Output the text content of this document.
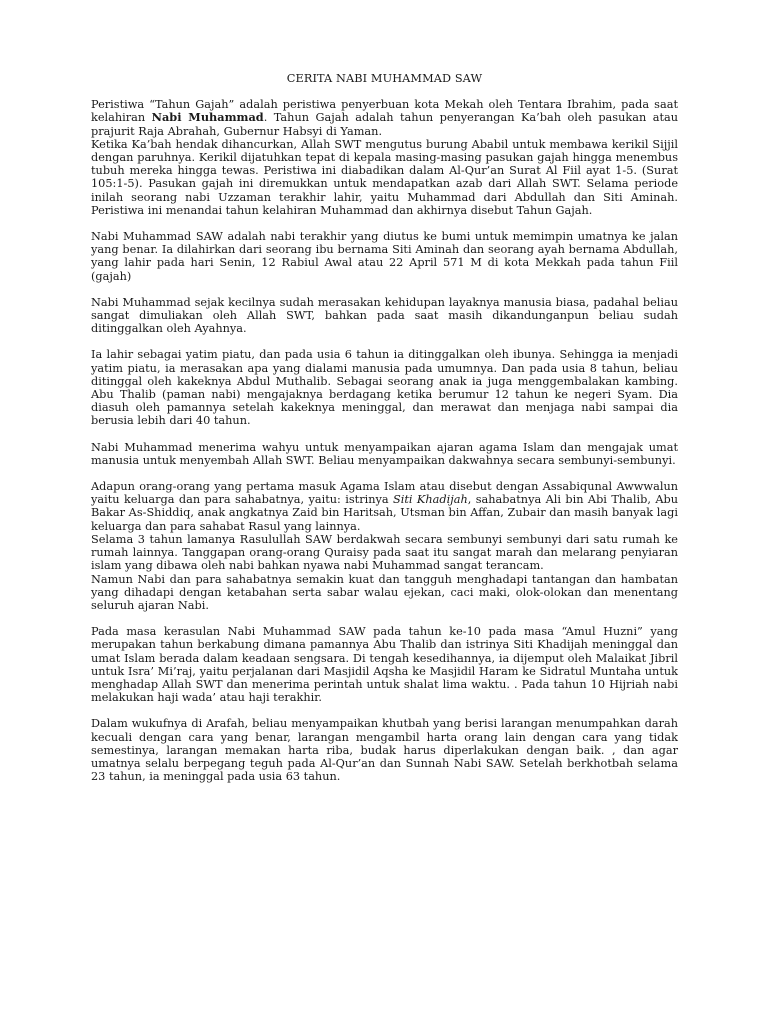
CERITA NABI MUHAMMAD SAW

Peristiwa “Tahun Gajah” adalah peristiwa penyerbuan kota Mekah oleh Tentara Ibrahim, pada saat kelahiran Nabi Muhammad. Tahun Gajah adalah tahun penyerangan Ka’bah oleh pasukan atau prajurit Raja Abrahah, Gubernur Habsyi di Yaman.

Ketika Ka’bah hendak dihancurkan, Allah SWT mengutus burung Ababil untuk membawa kerikil Sijjil dengan paruhnya. Kerikil dijatuhkan tepat di kepala masing-masing pasukan gajah hingga menembus tubuh mereka hingga tewas. Peristiwa ini diabadikan dalam Al-Qur’an Surat Al Fiil ayat 1-5. (Surat 105:1-5). Pasukan gajah ini diremukkan untuk mendapatkan azab dari Allah SWT. Selama periode inilah seorang nabi Uzzaman terakhir lahir, yaitu Muhammad dari Abdullah dan Siti Aminah. Peristiwa ini menandai tahun kelahiran Muhammad dan akhirnya disebut Tahun Gajah.

Nabi Muhammad SAW adalah nabi terakhir yang diutus ke bumi untuk memimpin umatnya ke jalan yang benar. Ia dilahirkan dari seorang ibu bernama Siti Aminah dan seorang ayah bernama Abdullah, yang lahir pada hari Senin, 12 Rabiul Awal atau 22 April 571 M di kota Mekkah pada tahun Fiil (gajah)

Nabi Muhammad sejak kecilnya sudah merasakan kehidupan layaknya manusia biasa, padahal beliau sangat dimuliakan oleh Allah SWT, bahkan pada saat masih dikandunganpun beliau sudah ditinggalkan oleh Ayahnya.

Ia lahir sebagai yatim piatu, dan pada usia 6 tahun ia ditinggalkan oleh ibunya. Sehingga ia menjadi yatim piatu, ia merasakan apa yang dialami manusia pada umumnya. Dan pada usia 8 tahun, beliau ditinggal oleh kakeknya Abdul Muthalib. Sebagai seorang anak ia juga menggembalakan kambing. Abu Thalib (paman nabi) mengajaknya berdagang ketika berumur 12 tahun ke negeri Syam. Dia diasuh oleh pamannya setelah kakeknya meninggal, dan merawat dan menjaga nabi sampai dia berusia lebih dari 40 tahun.

Nabi Muhammad menerima wahyu untuk menyampaikan ajaran agama Islam dan mengajak umat manusia untuk menyembah Allah SWT. Beliau menyampaikan dakwahnya secara sembunyi-sembunyi.

Adapun orang-orang yang pertama masuk Agama Islam atau disebut dengan Assabiqunal Awwwalun yaitu keluarga dan para sahabatnya, yaitu: istrinya Siti Khadijah, sahabatnya Ali bin Abi Thalib, Abu Bakar As-Shiddiq, anak angkatnya Zaid bin Haritsah, Utsman bin Affan, Zubair dan masih banyak lagi keluarga dan para sahabat Rasul yang lainnya.

Selama 3 tahun lamanya Rasulullah SAW berdakwah secara sembunyi sembunyi dari satu rumah ke rumah lainnya. Tanggapan orang-orang Quraisy pada saat itu sangat marah dan melarang penyiaran islam yang dibawa oleh nabi bahkan nyawa nabi Muhammad sangat terancam.

Namun Nabi dan para sahabatnya semakin kuat dan tangguh menghadapi tantangan dan hambatan yang dihadapi dengan ketabahan serta sabar walau ejekan, caci maki, olok-olokan dan menentang seluruh ajaran Nabi.

Pada masa kerasulan Nabi Muhammad SAW pada tahun ke-10 pada masa “Amul Huzni” yang merupakan tahun berkabung dimana pamannya Abu Thalib dan istrinya Siti Khadijah meninggal dan umat Islam berada dalam keadaan sengsara. Di tengah kesedihannya, ia dijemput oleh Malaikat Jibril untuk Isra’ Mi’raj, yaitu perjalanan dari Masjidil Aqsha ke Masjidil Haram ke Sidratul Muntaha untuk menghadap Allah SWT dan menerima perintah untuk shalat lima waktu. . Pada tahun 10 Hijriah nabi melakukan haji wada’ atau haji terakhir.

Dalam wukufnya di Arafah, beliau menyampaikan khutbah yang berisi larangan menumpahkan darah kecuali dengan cara yang benar, larangan mengambil harta orang lain dengan cara yang tidak semestinya, larangan memakan harta riba, budak harus diperlakukan dengan baik. , dan agar umatnya selalu berpegang teguh pada Al-Qur’an dan Sunnah Nabi SAW. Setelah berkhotbah selama 23 tahun, ia meninggal pada usia 63 tahun.
